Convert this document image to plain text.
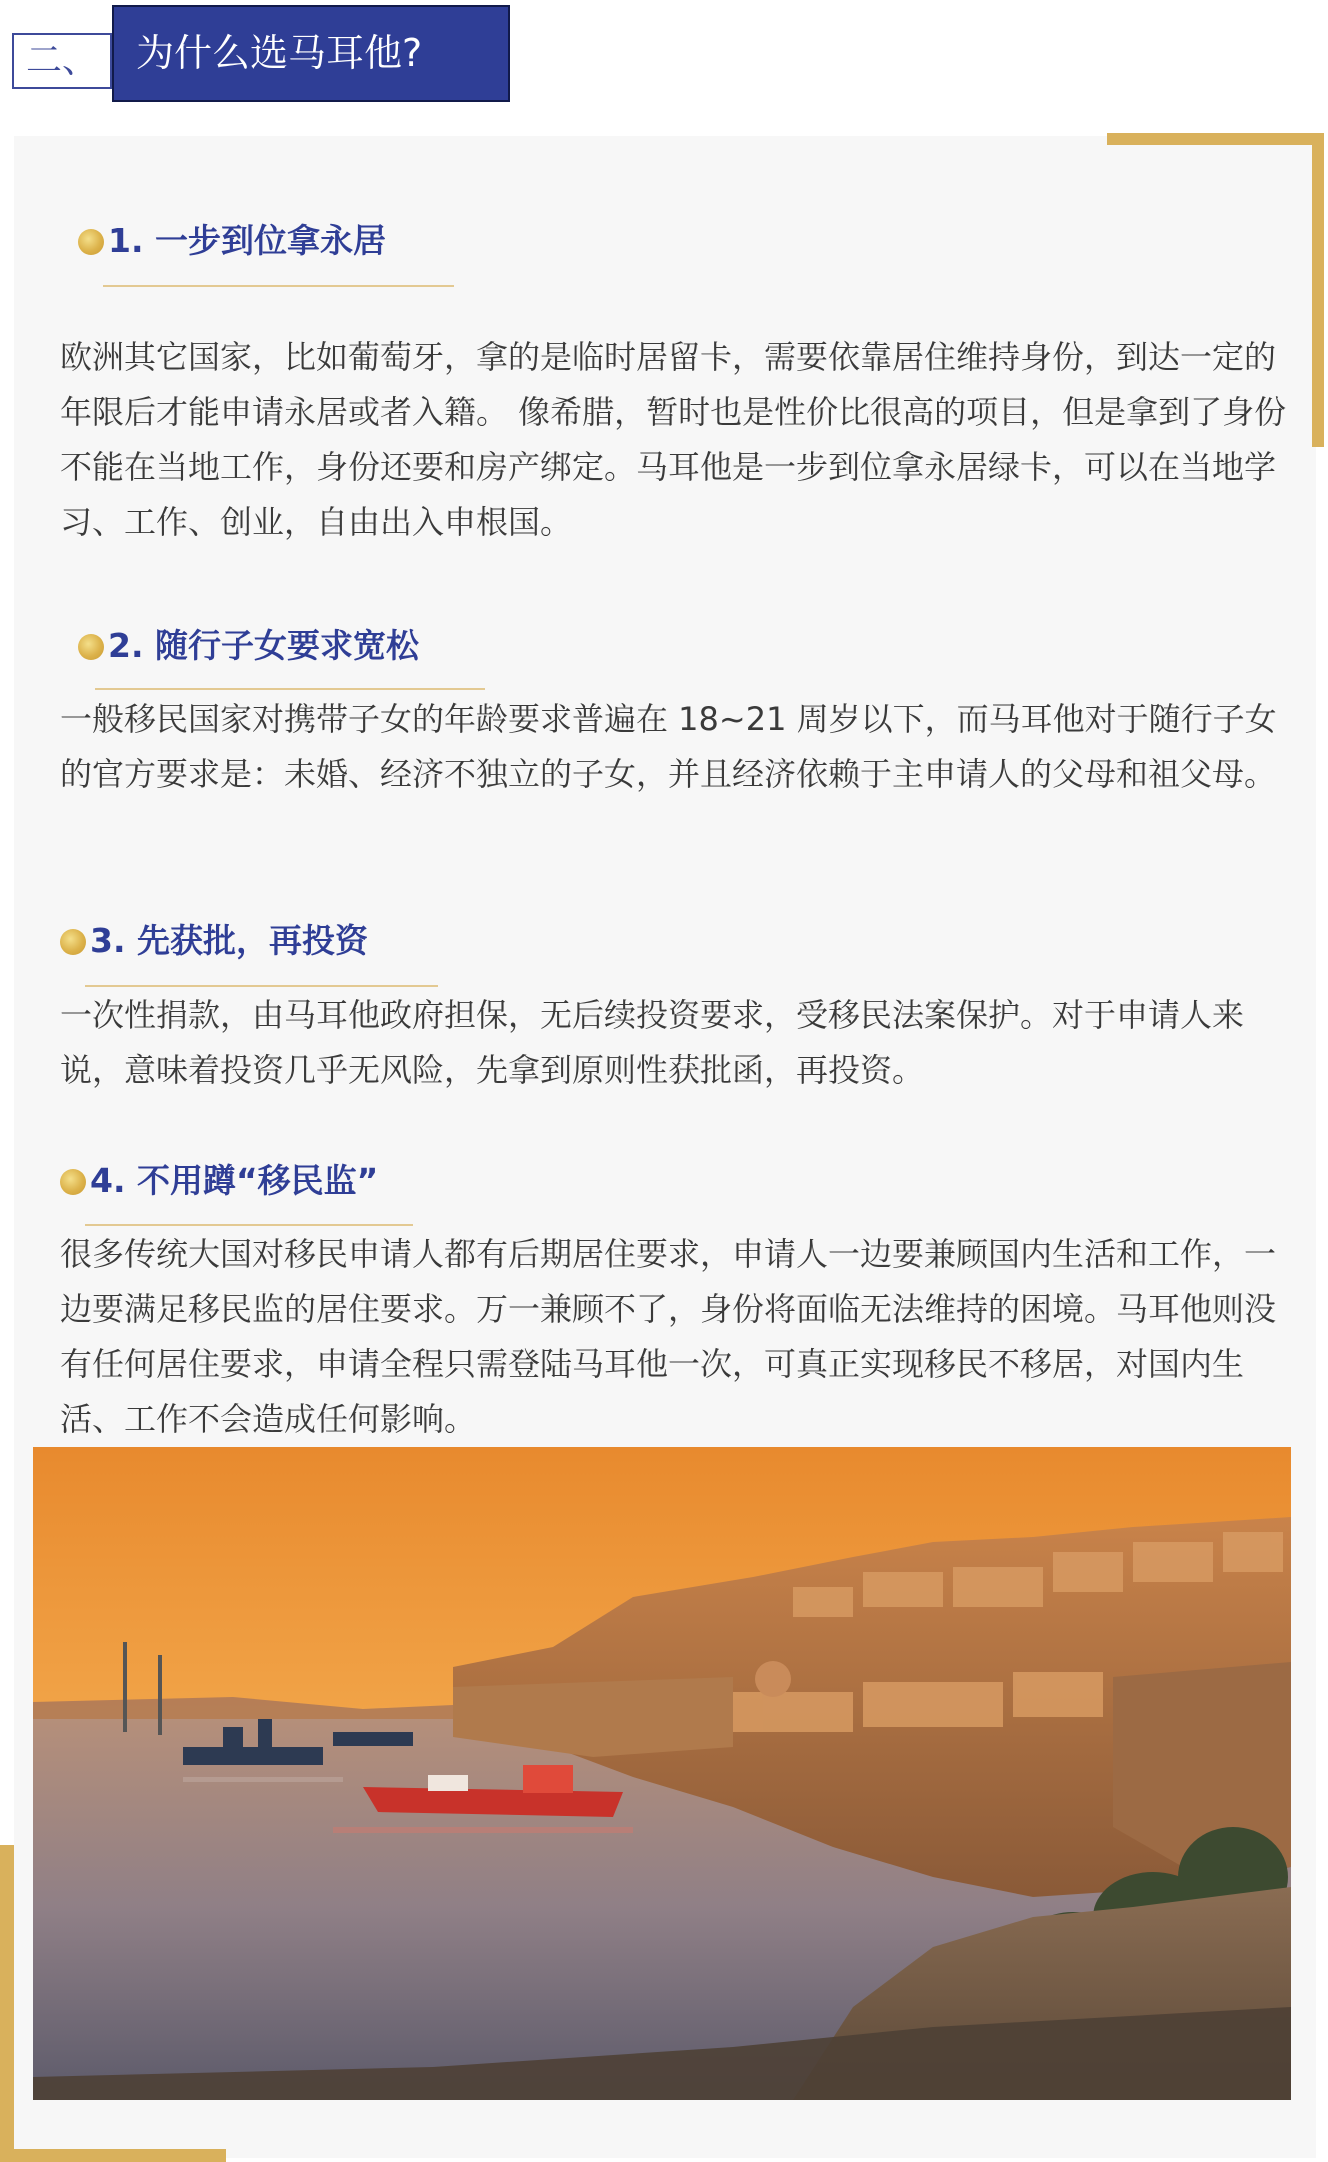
二、 为什么选马耳他?
1. 一步到位拿永居

欧洲其它国家，比如葡萄牙，拿的是临时居留卡，需要依靠居住维持身份，到达一定的年限后才能申请永居或者入籍。 像希腊，暂时也是性价比很高的项目，但是拿到了身份不能在当地工作，身份还要和房产绑定。马耳他是一步到位拿永居绿卡，可以在当地学习、工作、创业，自由出入申根国。

2. 随行子女要求宽松

一般移民国家对携带子女的年龄要求普遍在 18~21 周岁以下，而马耳他对于随行子女的官方要求是：未婚、经济不独立的子女，并且经济依赖于主申请人的父母和祖父母。

3. 先获批，再投资

一次性捐款，由马耳他政府担保，无后续投资要求，受移民法案保护。对于申请人来说，意味着投资几乎无风险，先拿到原则性获批函，再投资。

4. 不用蹲“移民监”

很多传统大国对移民申请人都有后期居住要求，申请人一边要兼顾国内生活和工作，一边要满足移民监的居住要求。万一兼顾不了，身份将面临无法维持的困境。马耳他则没有任何居住要求，申请全程只需登陆马耳他一次，可真正实现移民不移居，对国内生活、工作不会造成任何影响。
